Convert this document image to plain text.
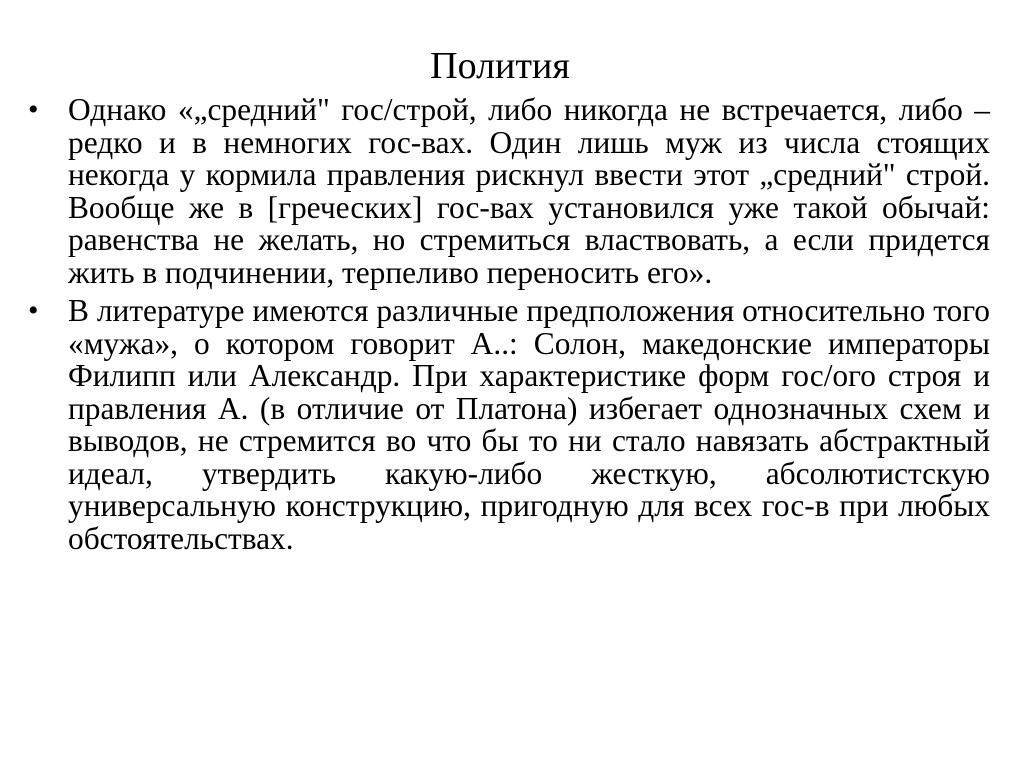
Полития
• Однако «„средний" гос/строй, либо никогда не встречается, либо – редко и в немногих гос-вах. Один лишь муж из числа стоящих некогда у кормила правления рискнул ввести этот „средний" строй. Вообще же в [греческих] гос-вах установился уже такой обычай: равенства не желать, но стремиться властвовать, а если придется жить в подчинении, терпеливо переносить его».
• В литературе имеются различные предположения относительно того «мужа», о котором говорит А..: Солон, македонские императоры Филипп или Александр. При характеристике форм гос/ого строя и правления А. (в отличие от Платона) избегает однозначных схем и выводов, не стремится во что бы то ни стало навязать абстрактный идеал, утвердить какую-либо жесткую, абсолютистскую универсальную конструкцию, пригодную для всех гос-в при любых обстоятельствах.
